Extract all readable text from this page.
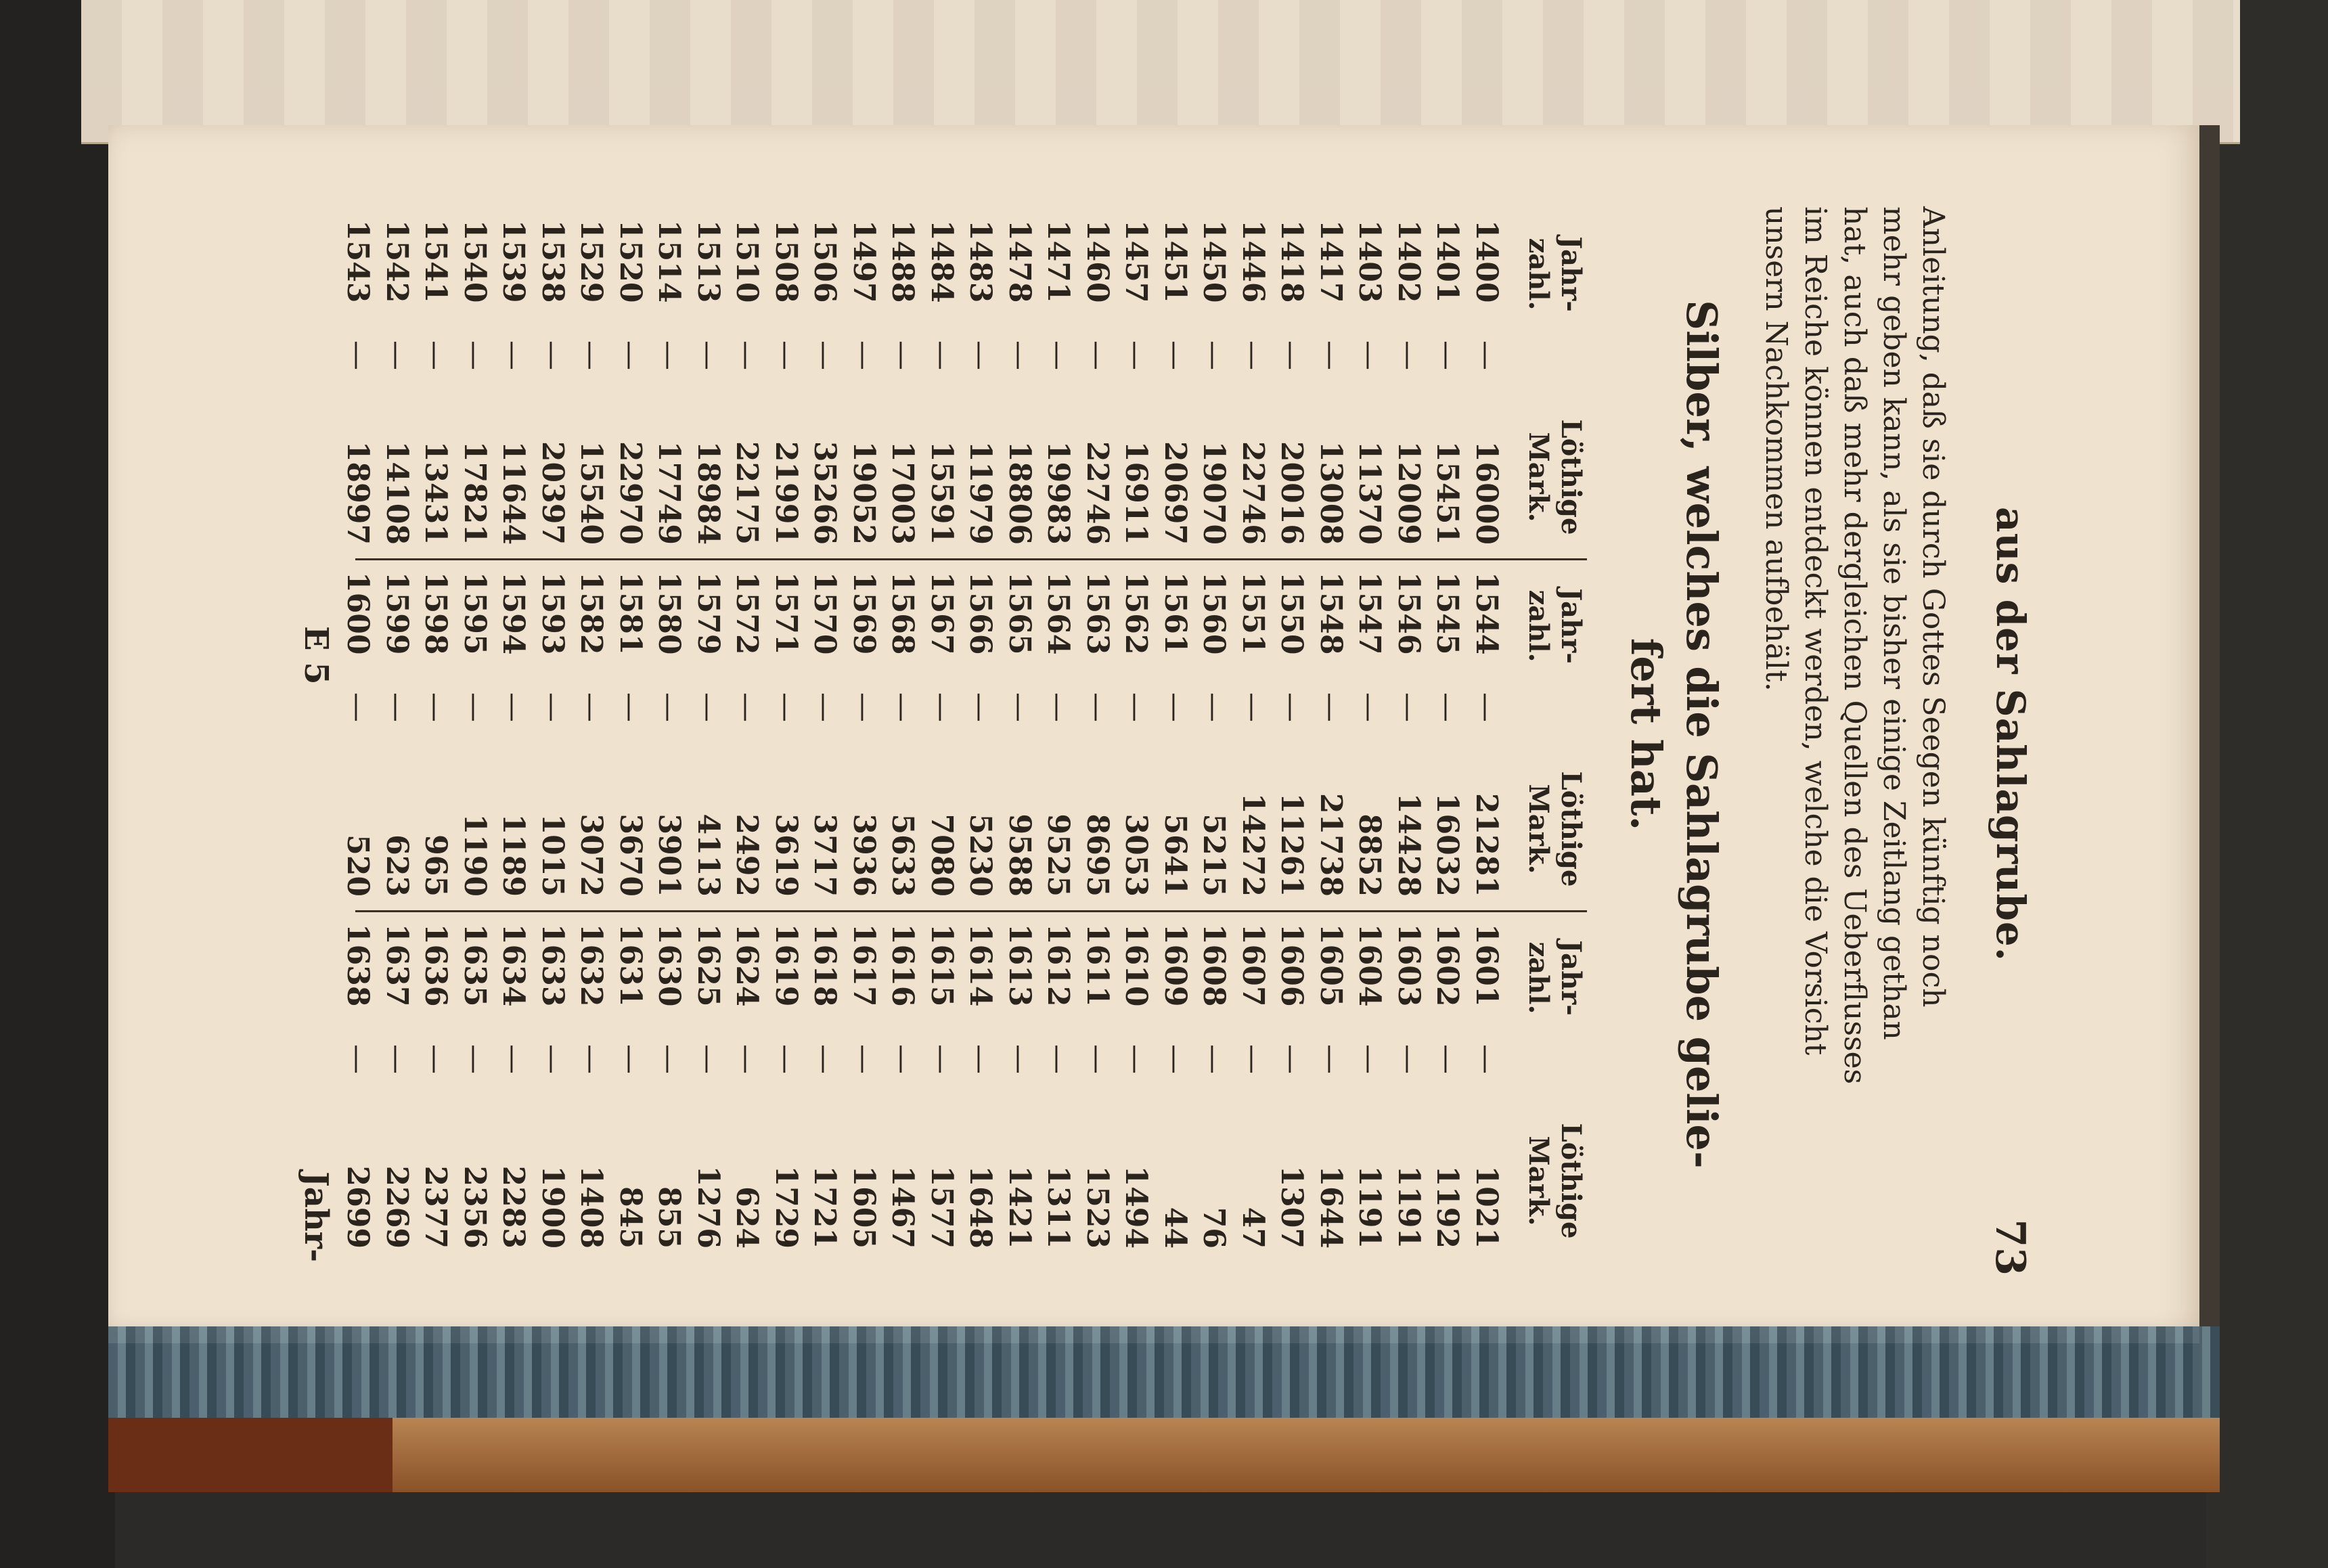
aus der Sahlagrube.
73
Anleitung, daß sie durch Gottes Seegen künftig noch
mehr geben kann, als sie bisher einige Zeitlang gethan
hat, auch daß mehr dergleichen Quellen des Ueberflusses
im Reiche können entdeckt werden, welche die Vorsicht
unsern Nachkommen aufbehält.
Silber, welches die Sahlagrube gelie-
fert hat.
Jahr-
zahl.
Löthige
Mark.
1400
—
16000
1401
—
15451
1402
—
12009
1403
—
11370
1417
—
13008
1418
—
20016
1446
—
22746
1450
—
19070
1451
—
20697
1457
—
16911
1460
—
22746
1471
—
19983
1478
—
18806
1483
—
11979
1484
—
15591
1488
—
17003
1497
—
19052
1506
—
35266
1508
—
21991
1510
—
22175
1513
—
18984
1514
—
17749
1520
—
22970
1529
—
15540
1538
—
20397
1539
—
11644
1540
—
17821
1541
—
13431
1542
—
14108
1543
—
18997
Jahr-
zahl.
Löthige
Mark.
1544
—
21281
1545
—
16032
1546
—
14428
1547
—
8852
1548
—
21738
1550
—
11261
1551
—
14272
1560
—
5215
1561
—
5641
1562
—
3053
1563
—
8695
1564
—
9525
1565
—
9588
1566
—
5230
1567
—
7080
1568
—
5633
1569
—
3936
1570
—
3717
1571
—
3619
1572
—
2492
1579
—
4113
1580
—
3901
1581
—
3670
1582
—
3072
1593
—
1015
1594
—
1189
1595
—
1190
1598
—
965
1599
—
623
1600
—
520
Jahr-
zahl.
Löthige
Mark.
1601
—
1021
1602
—
1192
1603
—
1191
1604
—
1191
1605
—
1644
1606
—
1307
1607
—
47
1608
—
76
1609
—
44
1610
—
1494
1611
—
1523
1612
—
1311
1613
—
1421
1614
—
1648
1615
—
1577
1616
—
1467
1617
—
1605
1618
—
1721
1619
—
1729
1624
—
624
1625
—
1276
1630
—
855
1631
—
845
1632
—
1408
1633
—
1900
1634
—
2283
1635
—
2356
1636
—
2377
1637
—
2269
1638
—
2699
E 5
Jahr-
